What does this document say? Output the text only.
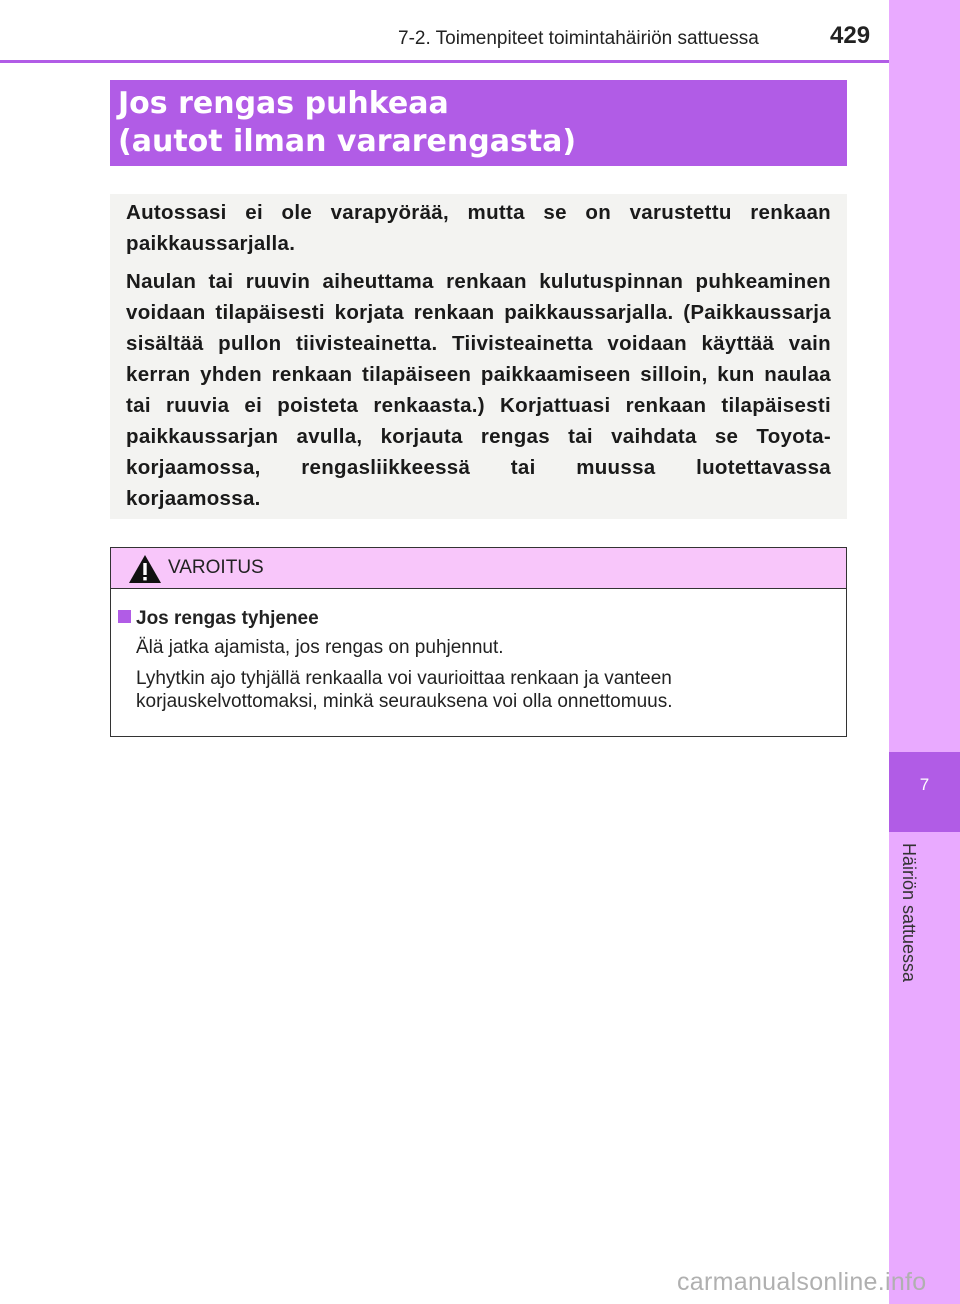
7-2. Toimenpiteet toimintahäiriön sattuessa	429
7
Häiriön sattuessa
Jos rengas puhkeaa
(autot ilman vararengasta)

Autossasi ei ole varapyörää, mutta se on varustettu renkaan paikkaussarjalla.

Naulan tai ruuvin aiheuttama renkaan kulutuspinnan puhkeaminen voidaan tilapäisesti korjata renkaan paikkaussarjalla. (Paikkaussarja sisältää pullon tiivisteainetta. Tiivisteainetta voidaan käyttää vain kerran yhden renkaan tilapäiseen paikkaamiseen silloin, kun naulaa tai ruuvia ei poisteta renkaasta.) Korjattuasi renkaan tilapäisesti paikkaussarjan avulla, korjauta rengas tai vaihdata se Toyota-korjaamossa, rengasliikkeessä tai muussa luotettavassa korjaamossa.

VAROITUS
Jos rengas tyhjenee
Älä jatka ajamista, jos rengas on puhjennut.
Lyhytkin ajo tyhjällä renkaalla voi vaurioittaa renkaan ja vanteen korjauskelvottomaksi, minkä seurauksena voi olla onnettomuus.
carmanualsonline.info
